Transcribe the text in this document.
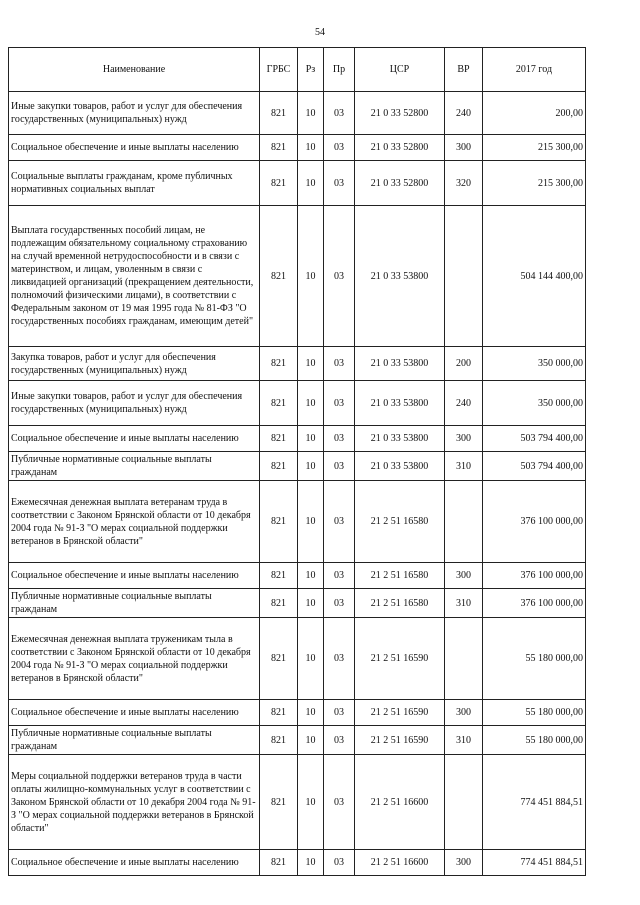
54
Наименование	ГРБС	Рз	Пр	ЦСР	ВР	2017 год
Иные закупки товаров, работ и услуг для обеспечения государственных (муниципальных) нужд	821	10	03	21 0 33 52800	240	200,00
Социальное обеспечение и иные выплаты населению	821	10	03	21 0 33 52800	300	215 300,00
Социальные выплаты гражданам, кроме публичных нормативных социальных выплат	821	10	03	21 0 33 52800	320	215 300,00
Выплата государственных пособий лицам, не подлежащим обязательному социальному страхованию на случай временной нетрудоспособности и в связи с материнством, и лицам, уволенным в связи с ликвидацией организаций (прекращением деятельности, полномочий физическими лицами), в соответствии с Федеральным законом от 19 мая 1995 года № 81-ФЗ "О государственных пособиях гражданам, имеющим детей"	821	10	03	21 0 33 53800		504 144 400,00
Закупка товаров, работ и услуг для обеспечения государственных (муниципальных) нужд	821	10	03	21 0 33 53800	200	350 000,00
Иные закупки товаров, работ и услуг для обеспечения государственных (муниципальных) нужд	821	10	03	21 0 33 53800	240	350 000,00
Социальное обеспечение и иные выплаты населению	821	10	03	21 0 33 53800	300	503 794 400,00
Публичные нормативные социальные выплаты гражданам	821	10	03	21 0 33 53800	310	503 794 400,00
Ежемесячная денежная выплата ветеранам труда в соответствии с Законом Брянской области от 10 декабря 2004 года № 91-З "О мерах социальной поддержки ветеранов в Брянской области"	821	10	03	21 2 51 16580		376 100 000,00
Социальное обеспечение и иные выплаты населению	821	10	03	21 2 51 16580	300	376 100 000,00
Публичные нормативные социальные выплаты гражданам	821	10	03	21 2 51 16580	310	376 100 000,00
Ежемесячная денежная выплата труженикам тыла в соответствии с Законом Брянской области от 10 декабря 2004 года № 91-З "О мерах социальной поддержки ветеранов в Брянской области"	821	10	03	21 2 51 16590		55 180 000,00
Социальное обеспечение и иные выплаты населению	821	10	03	21 2 51 16590	300	55 180 000,00
Публичные нормативные социальные выплаты гражданам	821	10	03	21 2 51 16590	310	55 180 000,00
Меры социальной поддержки ветеранов труда в части оплаты жилищно-коммунальных услуг в соответствии с Законом Брянской области от 10 декабря 2004 года № 91-З "О мерах социальной поддержки ветеранов в Брянской области"	821	10	03	21 2 51 16600		774 451 884,51
Социальное обеспечение и иные выплаты населению	821	10	03	21 2 51 16600	300	774 451 884,51
